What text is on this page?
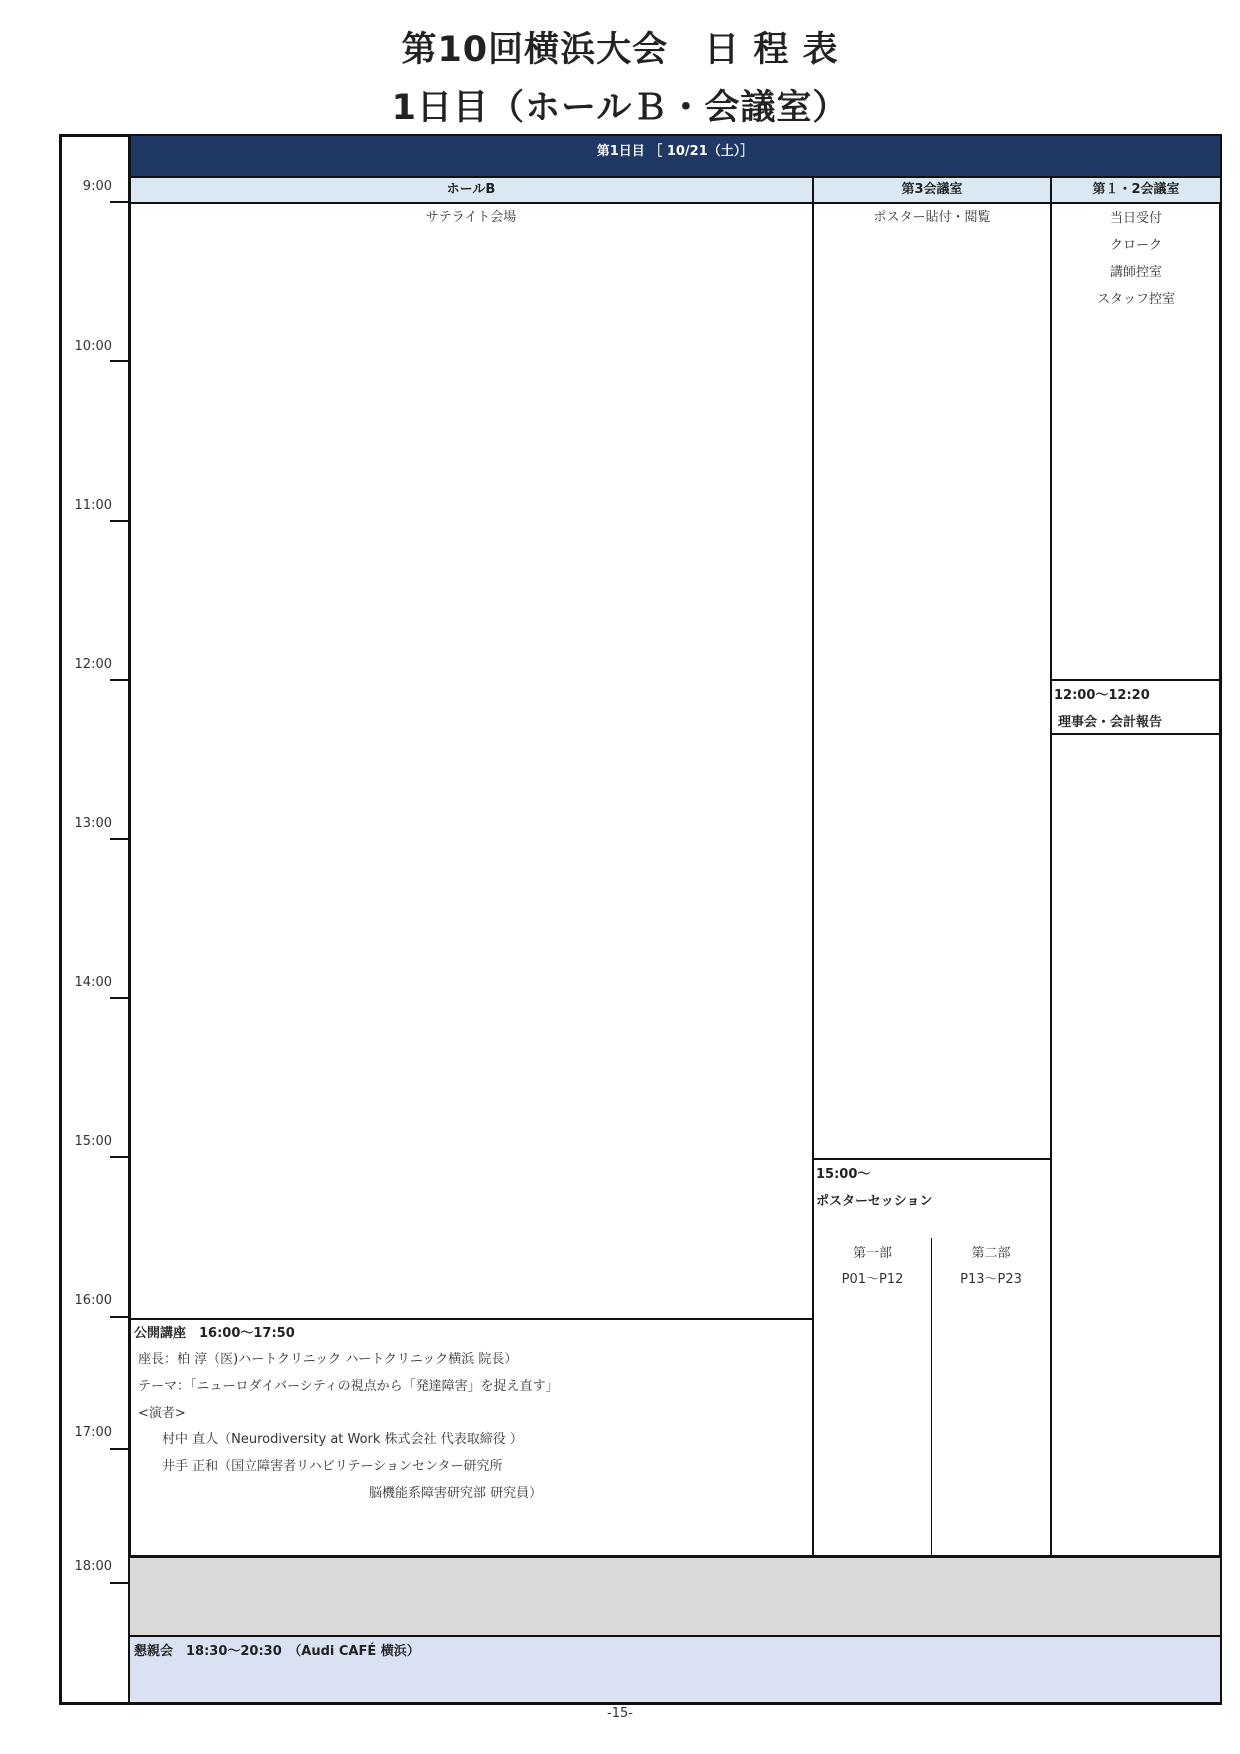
第10回横浜大会　日 程 表
1日目（ホールＢ・会議室）
第1日目 ［ 10/21（土）］
ホールB	第3会議室	第１・2会議室
懇親会　18:30～20:30　（Audi CAFÉ 横浜）
9:00
10:00
11:00
12:00
13:00
14:00
15:00
16:00
17:00
18:00
サテライト会場
公開講座　16:00～17:50
座長：柏 淳（医)ハートクリニック ハートクリニック横浜 院長）
テーマ：「ニューロダイバーシティの視点から「発達障害」を捉え直す」
<演者>
村中 直人（Neurodiversity at Work 株式会社 代表取締役 ）
井手 正和（国立障害者リハビリテーションセンター研究所
脳機能系障害研究部 研究員）
ポスター貼付・閲覧
15:00～
ポスターセッション
第一部
P01～P12
第二部
P13～P23
当日受付
クローク
講師控室
スタッフ控室
12:00～12:20
理事会・会計報告
-15-
